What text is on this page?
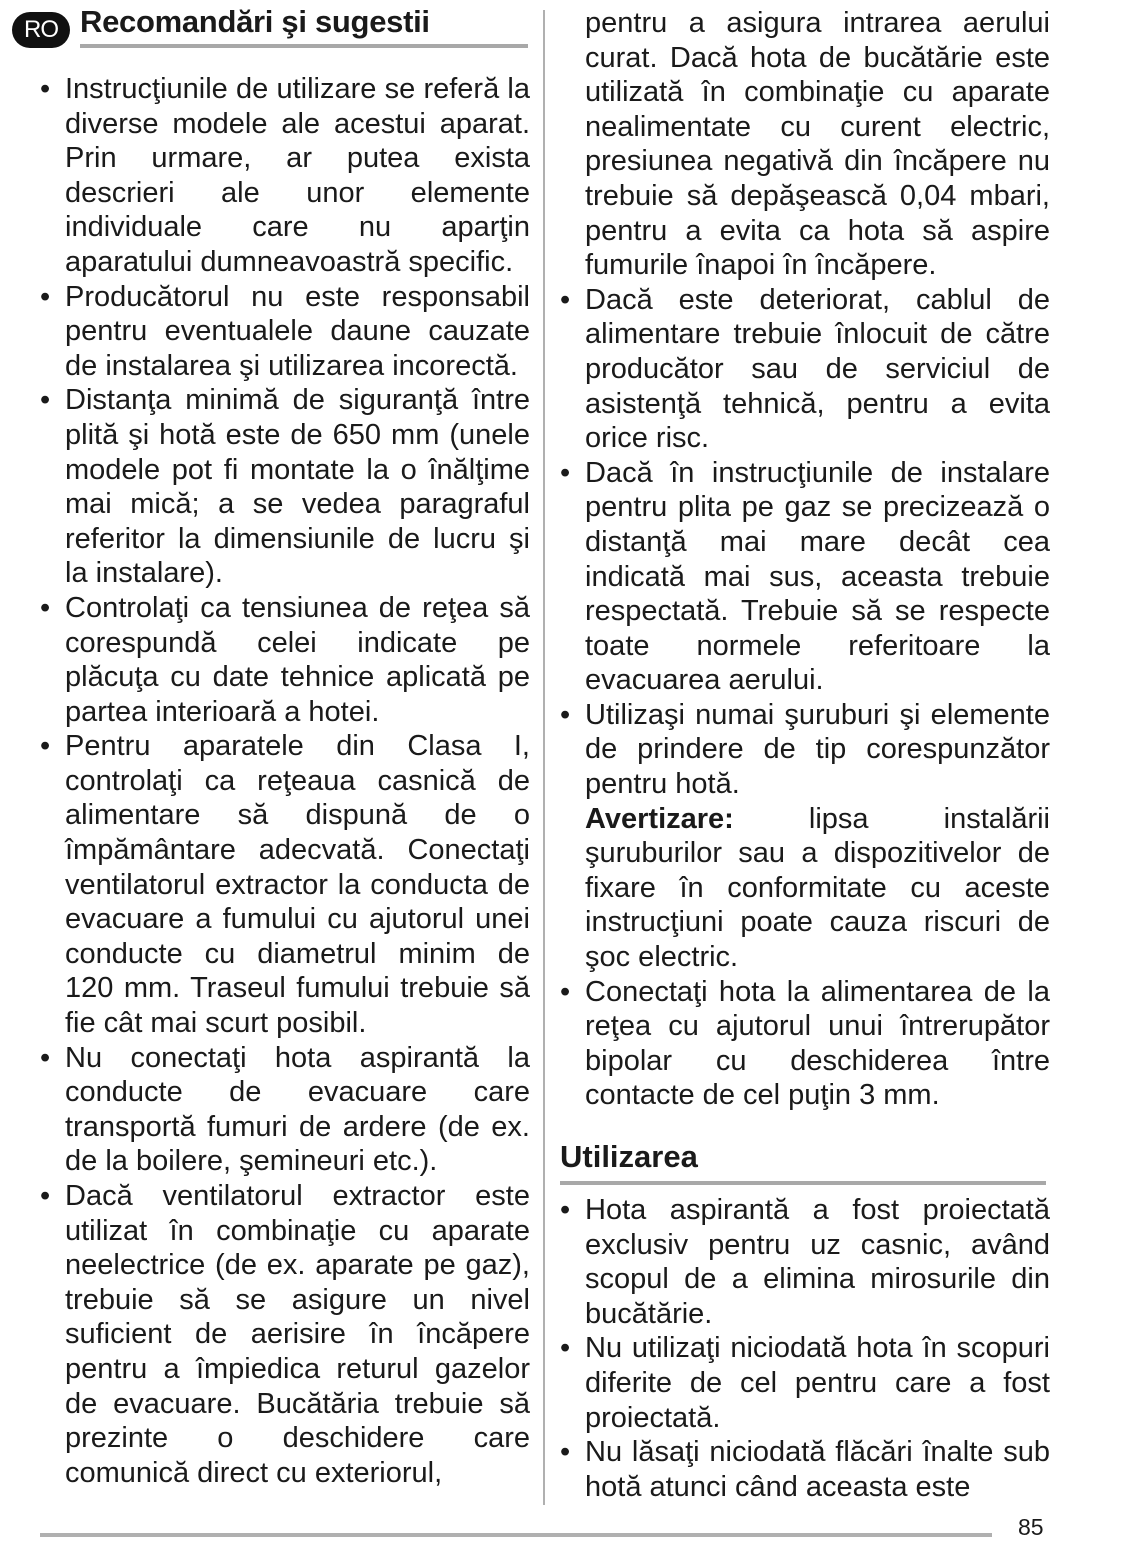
RO Recomandări şi sugestii

• Instrucţiunile de utilizare se referă la diverse modele ale acestui aparat. Prin urmare, ar putea exista descrieri ale unor elemente individuale care nu aparţin aparatului dumneavoastră specific.

• Producătorul nu este responsabil pentru eventualele daune cauzate de instalarea şi utilizarea incorectă.

• Distanţa minimă de siguranţă între plită şi hotă este de 650 mm (unele modele pot fi montate la o înălţime mai mică; a se vedea paragraful referitor la dimensiunile de lucru şi la instalare).

• Controlaţi ca tensiunea de reţea să corespundă celei indicate pe plăcuţa cu date tehnice aplicată pe partea interioară a hotei.

• Pentru aparatele din Clasa I, controlaţi ca reţeaua casnică de alimentare să dispună de o împământare adecvată. Conectaţi ventilatorul extractor la conducta de evacuare a fumului cu ajutorul unei conducte cu diametrul minim de 120 mm. Traseul fumului trebuie să fie cât mai scurt posibil.

• Nu conectaţi hota aspirantă la conducte de evacuare care transportă fumuri de ardere (de ex. de la boilere, şemineuri etc.).

• Dacă ventilatorul extractor este utilizat în combinaţie cu aparate neelectrice (de ex. aparate pe gaz), trebuie să se asigure un nivel suficient de aerisire în încăpere pentru a împiedica returul gazelor de evacuare. Bucătăria trebuie să prezinte o deschidere care comunică direct cu exteriorul,

pentru a asigura intrarea aerului curat. Dacă hota de bucătărie este utilizată în combinaţie cu aparate nealimentate cu curent electric, presiunea negativă din încăpere nu trebuie să depăşească 0,04 mbari, pentru a evita ca hota să aspire fumurile înapoi în încăpere.

• Dacă este deteriorat, cablul de alimentare trebuie înlocuit de către producător sau de serviciul de asistenţă tehnică, pentru a evita orice risc.

• Dacă în instrucţiunile de instalare pentru plita pe gaz se precizează o distanţă mai mare decât cea indicată mai sus, aceasta trebuie respectată. Trebuie să se respecte toate normele referitoare la evacuarea aerului.

• Utilizaşi numai şuruburi şi elemente de prindere de tip corespunzător pentru hotă.

Avertizare:	lipsa instalării şuruburilor sau a dispozitivelor de fixare în conformitate cu aceste instrucţiuni poate cauza riscuri de şoc electric.

• Conectaţi hota la alimentarea de la reţea cu ajutorul unui întrerupător bipolar cu deschiderea între contacte de cel puţin 3 mm.

Utilizarea

• Hota aspirantă a fost proiectată exclusiv pentru uz casnic, având scopul de a elimina mirosurile din bucătărie.

• Nu utilizaţi niciodată hota în scopuri diferite de cel pentru care a fost proiectată.

• Nu lăsaţi niciodată flăcări înalte sub hotă atunci când aceasta este

85
